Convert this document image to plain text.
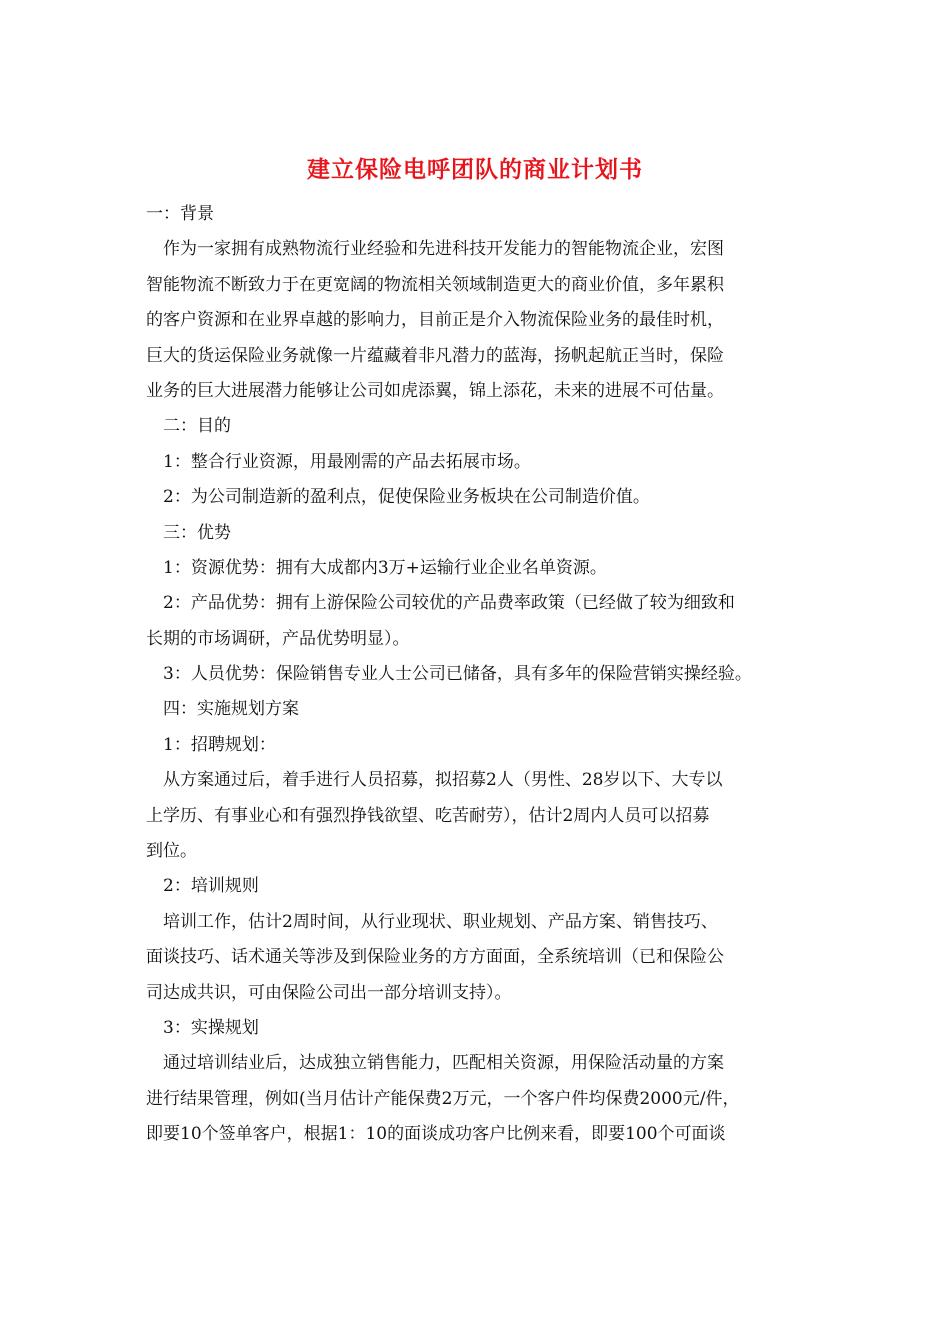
建立保险电呼团队的商业计划书
一：背景
作为一家拥有成熟物流行业经验和先进科技开发能力的智能物流企业，宏图
智能物流不断致力于在更宽阔的物流相关领域制造更大的商业价值，多年累积
的客户资源和在业界卓越的影响力，目前正是介入物流保险业务的最佳时机，
巨大的货运保险业务就像一片蕴藏着非凡潜力的蓝海，扬帆起航正当时，保险
业务的巨大进展潜力能够让公司如虎添翼，锦上添花，未来的进展不可估量。
二：目的
1：整合行业资源，用最刚需的产品去拓展市场。
2：为公司制造新的盈利点，促使保险业务板块在公司制造价值。
三：优势
1：资源优势：拥有大成都内3万+运输行业企业名单资源。
2：产品优势：拥有上游保险公司较优的产品费率政策（已经做了较为细致和
长期的市场调研，产品优势明显）。
3：人员优势：保险销售专业人士公司已储备，具有多年的保险营销实操经验。
四：实施规划方案
1：招聘规划：
从方案通过后，着手进行人员招募，拟招募2人（男性、28岁以下、大专以
上学历、有事业心和有强烈挣钱欲望、吃苦耐劳），估计2周内人员可以招募
到位。
2：培训规则
培训工作，估计2周时间，从行业现状、职业规划、产品方案、销售技巧、
面谈技巧、话术通关等涉及到保险业务的方方面面，全系统培训（已和保险公
司达成共识，可由保险公司出一部分培训支持）。
3：实操规划
通过培训结业后，达成独立销售能力，匹配相关资源，用保险活动量的方案
进行结果管理，例如(当月估计产能保费2万元，一个客户件均保费2000元/件，
即要10个签单客户，根据1：10的面谈成功客户比例来看，即要100个可面谈
